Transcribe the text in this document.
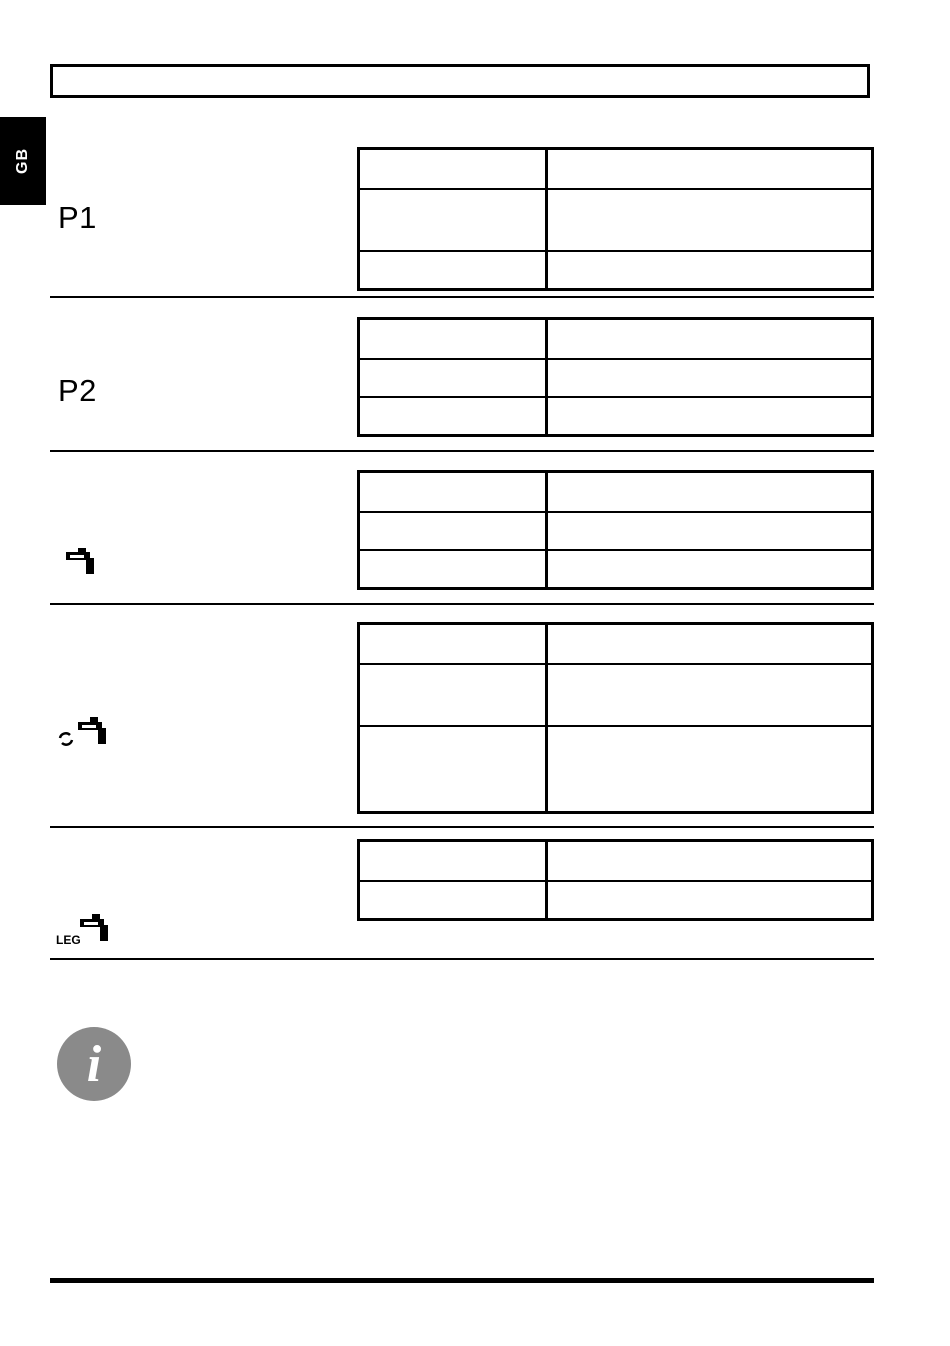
GB
P1
P2
LEG
i
